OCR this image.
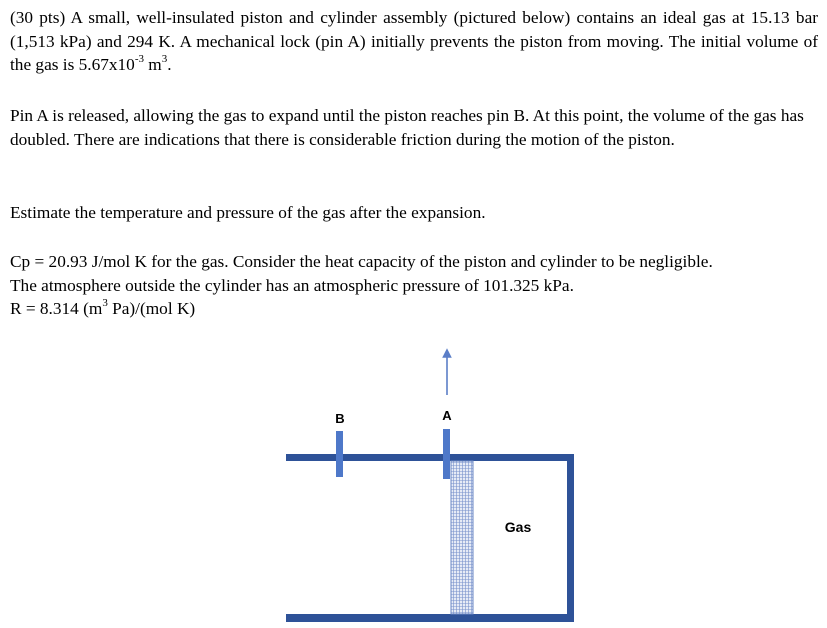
(30 pts) A small, well-insulated piston and cylinder assembly (pictured below) contains an ideal gas at 15.13 bar (1,513 kPa) and 294 K. A mechanical lock (pin A) initially prevents the piston from moving. The initial volume of the gas is $5.67x10^{-3}$ $m^3$.

Pin A is released, allowing the gas to expand until the piston reaches pin B. At this point, the volume of the gas has doubled. There are indications that there is considerable friction during the motion of the piston.

Estimate the temperature and pressure of the gas after the expansion.

Cp = 20.93 J/mol K for the gas. Consider the heat capacity of the piston and cylinder to be negligible.
The atmosphere outside the cylinder has an atmospheric pressure of 101.325 kPa.
R = 8.314 ($m^3$ Pa)/(mol K)

B	A
Gas
